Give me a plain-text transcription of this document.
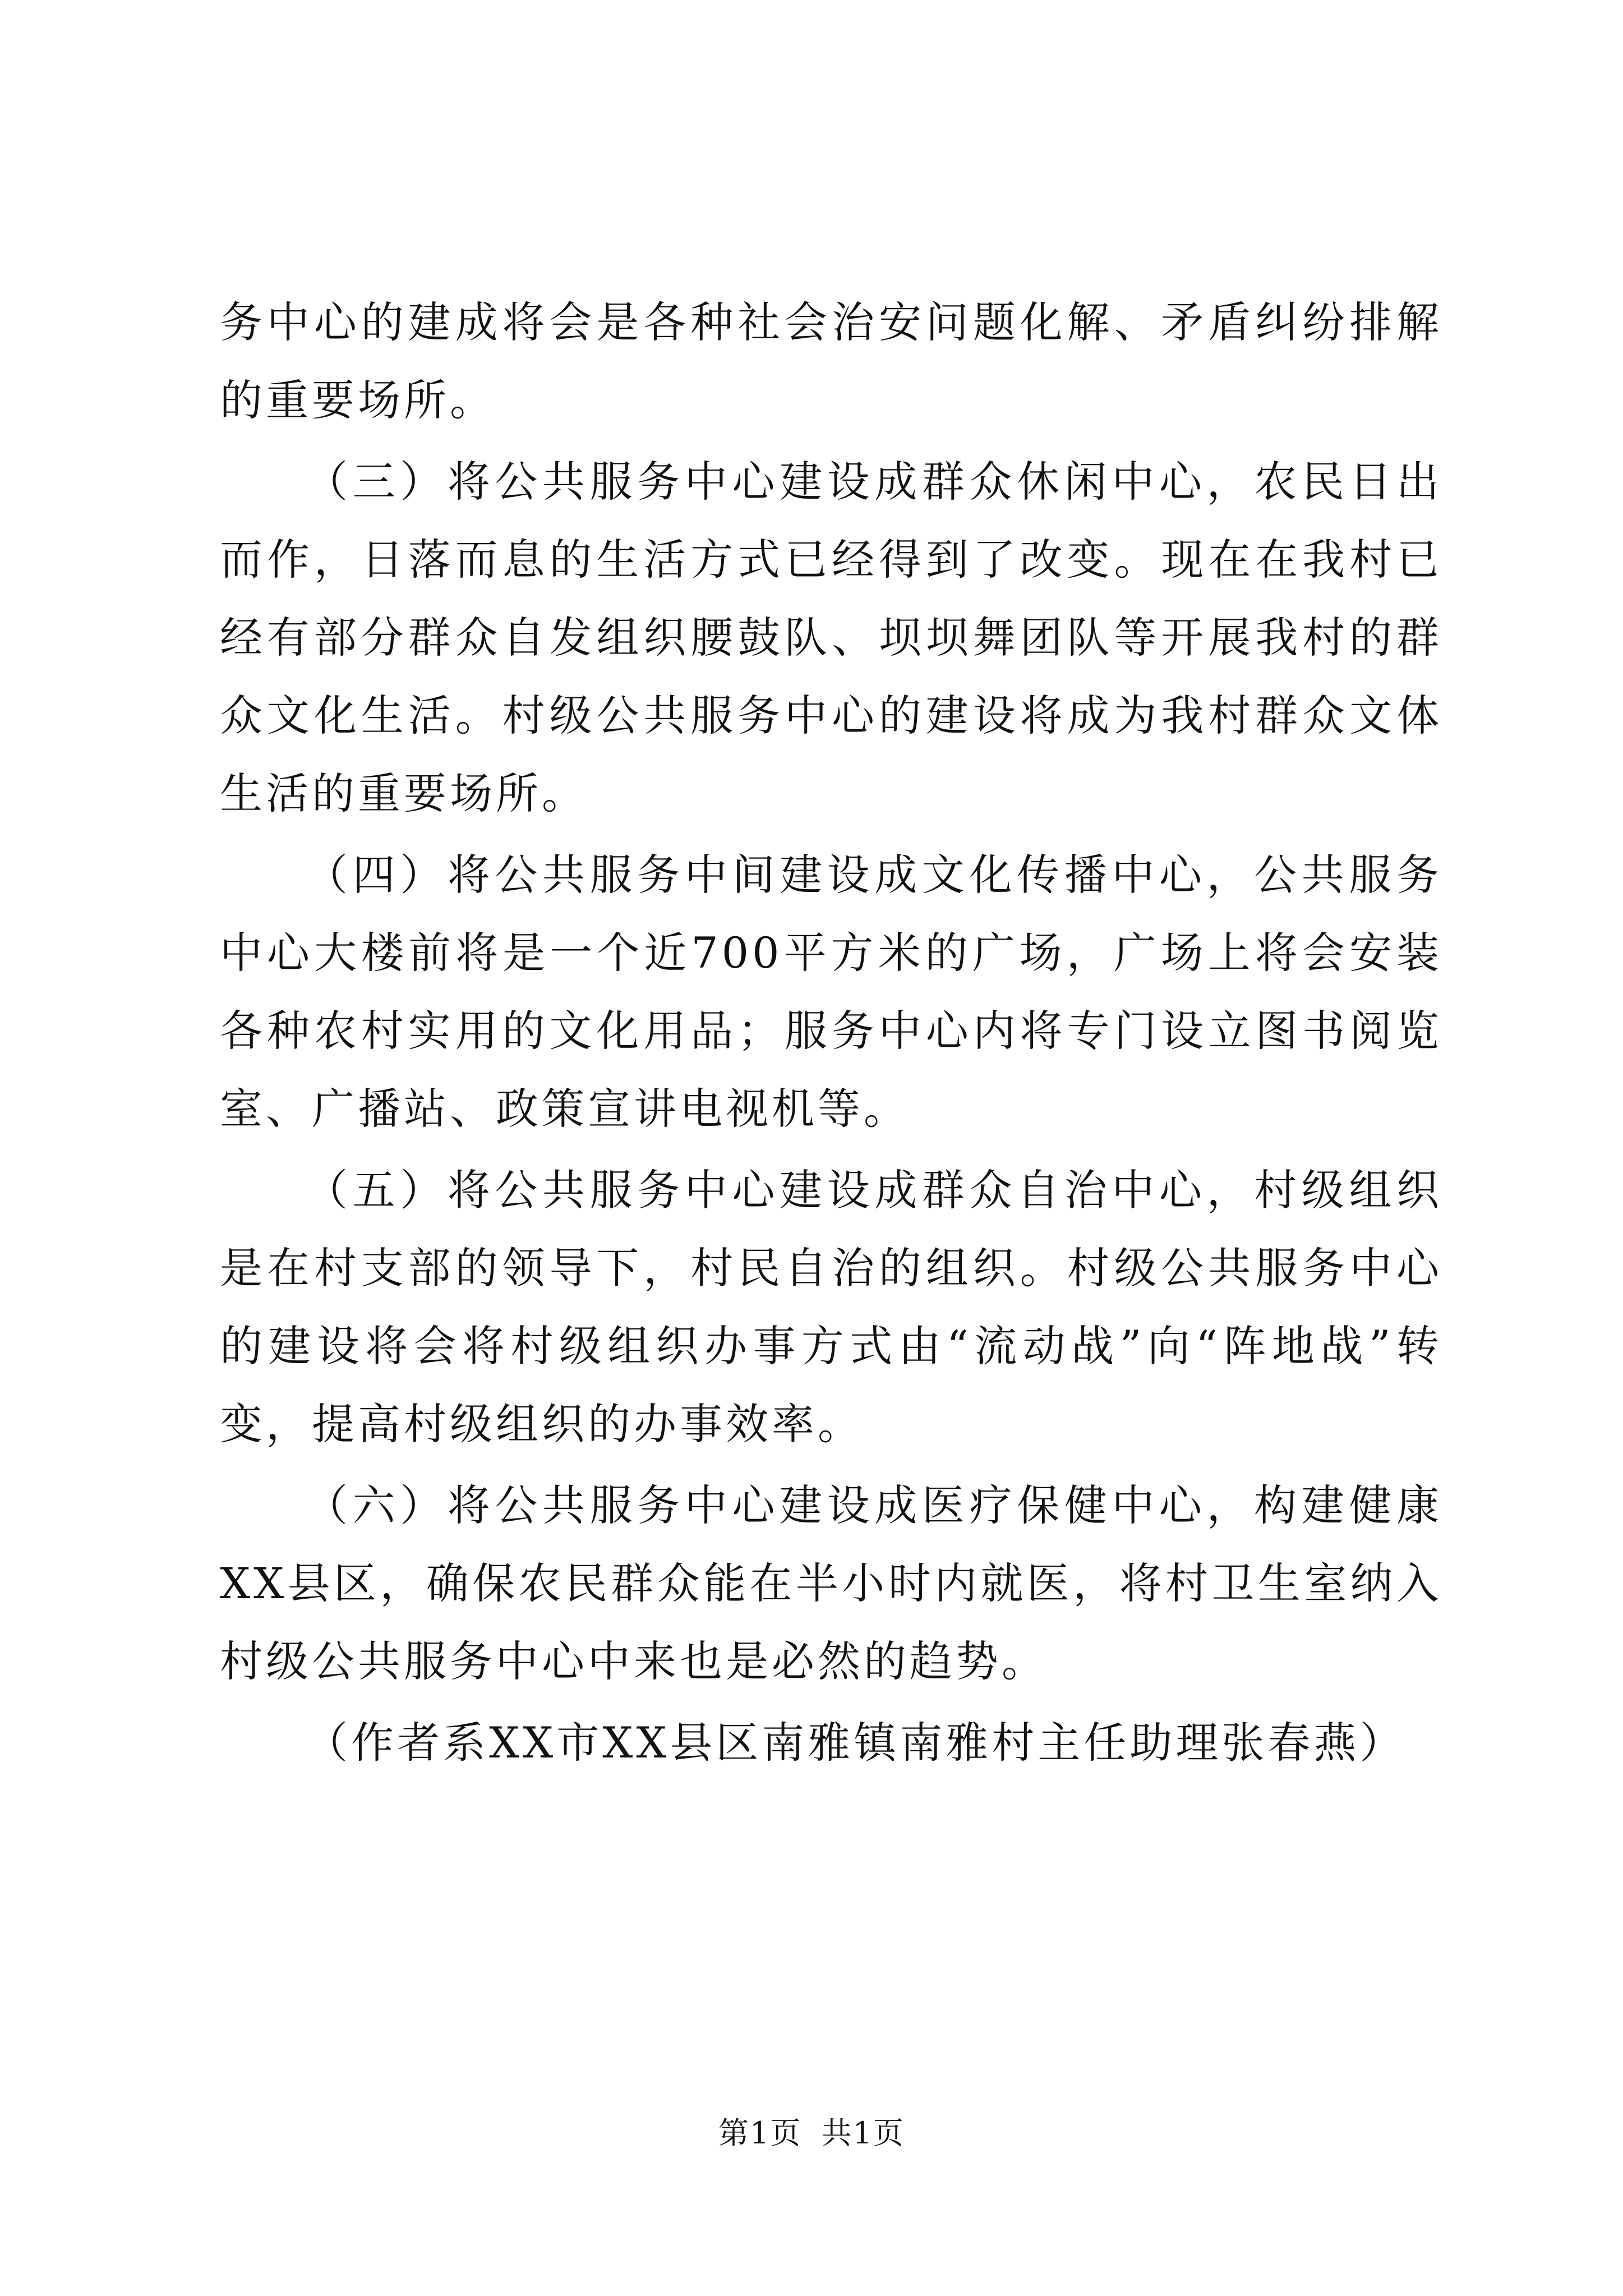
务中心的建成将会是各种社会治安问题化解、矛盾纠纷排解的重要场所。

（三）将公共服务中心建设成群众休闲中心，农民日出而作，日落而息的生活方式已经得到了改变。现在在我村已经有部分群众自发组织腰鼓队、坝坝舞团队等开展我村的群众文化生活。村级公共服务中心的建设将成为我村群众文体生活的重要场所。

（四）将公共服务中间建设成文化传播中心，公共服务中心大楼前将是一个近700平方米的广场，广场上将会安装各种农村实用的文化用品；服务中心内将专门设立图书阅览室、广播站、政策宣讲电视机等。

（五）将公共服务中心建设成群众自治中心，村级组织是在村支部的领导下，村民自治的组织。村级公共服务中心的建设将会将村级组织办事方式由“流动战”向“阵地战”转变，提高村级组织的办事效率。

（六）将公共服务中心建设成医疗保健中心，构建健康XX县区，确保农民群众能在半小时内就医，将村卫生室纳入村级公共服务中心中来也是必然的趋势。

（作者系XX市XX县区南雅镇南雅村主任助理张春燕）

第1页 共1页
